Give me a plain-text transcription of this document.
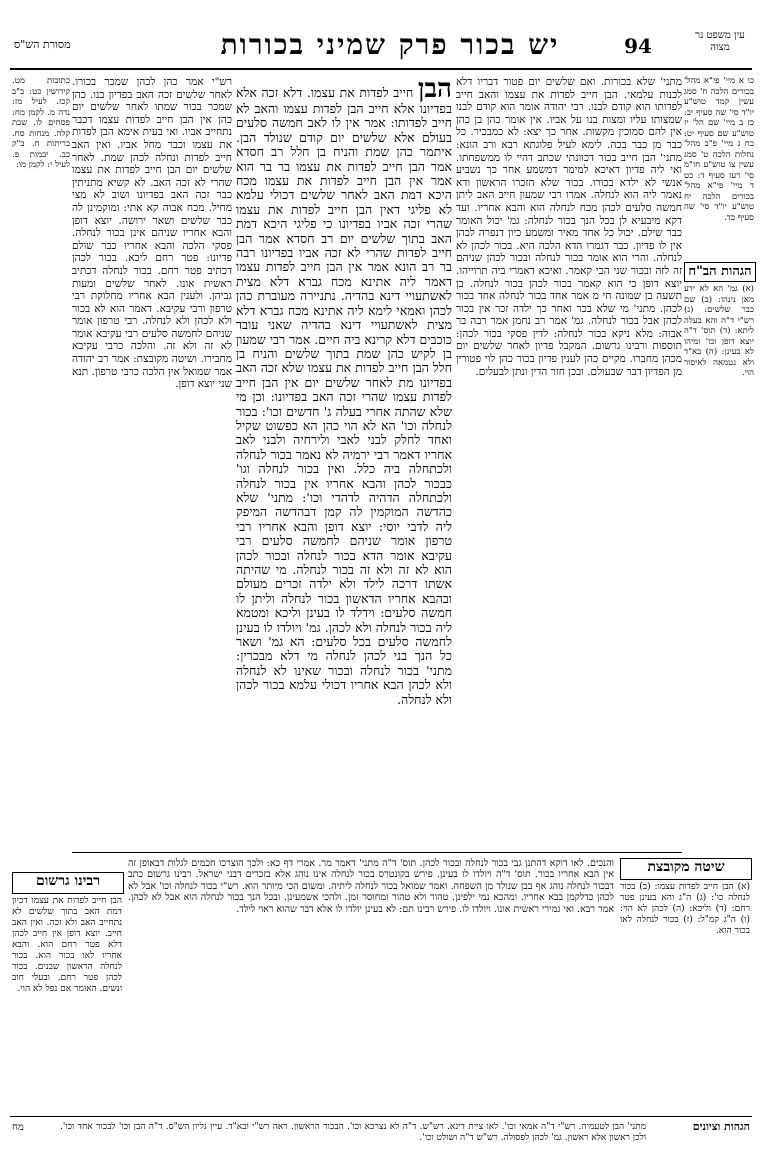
94
יש בכור פרק שמיני בכורות
מסורת הש"ס
עין משפט נר מצוה
כו א מיי' פי"א מהל' בכורים הלכה ח' סמג עשין קמד טוש"ע יו"ד סי' שה סעיף יב: כז ב מיי' שם הל' יז טוש"ע שם סעיף יט: כח ג מיי' פ"ב מהל' נחלות הלכה ט' סמג עשין צו טוש"ע חו"מ סי' רעז סעיף ד: כט ד מיי' פי"א מהל' בכורים הלכה יח טוש"ע יו"ד סי' שה סעיף כד.
הגהות הב"ח
(א) גמ' הא לא ידע מאן נינהו: (ב) שם כבר שלשים: (ג) רש"י ד"ה והא בעלה ליתא: (ד) תוס' ד"ה יוצא דופן וכו' ומיהו לא בעינן: (ה) בא"ד ולא נטמאה לאיסור הוי.
כתובות מט. קידושין כט: ב"ב קכז. לעיל מז: נדה מ. לקמן מח: פסחים לו. שבת קלה. מנחות סח. כריתות ח. ב"ק כב. יבמות פ. לעיל י: לקמן מו:
מתני' שלא בכורות. ואם שלשים יום פטור דבריו דלא לכנות עלמאי. הבן חייב לפדות את עצמו והאב חייב לפדותו הוא קודם לבנו. רבי יהודה אומר הוא קודם לבנו שמצותו עליו ומצות בנו על אביו. אין אומר כהן בן כהן אין להם סמוכין מקשות. אחר כך יצא: לא כמבכיר. כל כבר מן כבר בכה. לימא לעיל פלוגתא רבא ורב הונא: מתני' הבן חייב בכור דכוונתי שכתב דהיי לו ממשפחתו. ואי ליה פדיון דאיכא למימר דמשמע אחר כך נשביע אנשי לא ילדא בכורו. בכור שלא הזכרו הראשון ודא נאמר ליה הוא לנחלה. אמרו רבי שמעון חייב האב ליתן חמשה סלעים לכהן מכח לנחלה הוא והבא אחריו. ועד דקא מיבעיא לן בכל הנך בכור לנחלה: גמ' יכול האומר כבר שילם. יכול כל אחד מאיר ומשמע כיון דנפרה לכהן אין לו פדיון. כבר דגמרו הדא הלכה היא. בכור לכהן לא לנחלה. והרי הוא אומר בכור לנחלה ובכור לכהן שניהם זה לזה ובכור שני הכי קאמר. ואיכא דאמרי ביה תרוייהו. יוצא דופן כי הוא קאמר בכור לכהן בכור לנחלה. בן תשעה בן שמונה חי מ אמר אחד בכור לנחלה אחד בכור לכהן. מתני' מי שלא בכר ואחר כך ילדה זכר אין בכור לכהן אבל בכור לנחלה. גמ' אמר רב נחמן אמר רבה בר אבוה: מלא ניקא בכור לנחלה: לדין פסקי בכור לכהן: תוספות ורבינו גרשום. המקבל פדיון לאחר שלשים יום מכהן מחברו. מקיים כהן לענין פדיון בכור כהן לוי פטורין מן הפדיון דבר שבעולם. ובכן חזר הדין ונתן לבעלים.

הבן חייב לפדות את עצמו. דלא זכה אלא בפדיונו אלא חייב הבן לפדות עצמו והאב לא חייב לפדותו: אמר אין לו לאב חמשה סלעים בעולם אלא שלשים יום קודם שנולד הבן. איתמר כהן שמת והניח בן חלל רב חסדא אמר הבן חייב לפדות את עצמו בר בר הוא אמר אין הבן חייב לפדות את עצמו מכח היכא דמת האב לאחר שלשים דכולי עלמא לא פליגי דאין הבן חייב לפדות את עצמו שהרי זכה אביו בפדיונו כי פליגי היכא דמת האב בתוך שלשים יום רב חסדא אמר הבן חייב לפדות שהרי לא זכה אביו בפדיונו רבה בר רב הונא אמר אין הבן חייב לפדות עצמו דאמר ליה אתינא מכח גברא דלא מצית לאשתעויי דינא בהדיה. נתניירה מעוברת כהן לכהן ואמאי לימא ליה אתינא מכח גברא דלא מצית לאשתעויי דינא בהדיה שאני עובד כוכבים דלא קרינא ביה חיים. אמר רבי שמעון בן לקיש כהן שמת בתוך שלשים והניח בן חלל הבן חייב לפדות את עצמו שלא זכה האב בפדיונו מת לאחר שלשים יום אין הבן חייב לפדות עצמו שהרי זכה האב בפדיונו: וכן מי שלא שהתה אחרי בעלה ג' חדשים וכו': בכור לנחלה וכו' הא לא הוי כהן הא כפשוט שקיל ואחד לחלק לבני לאבי ולירחיה ולבני לאב אחריו דאמר רבי ירמיה לא נאמר בכור לנחלה ולכתחלה ביה כלל. ואין בכור לנחלה וגו' כבכור לכהן והבא אחריו אין בכור לנחלה ולכתחלה הדהיה לדהדי וכו': מתני' שלא כהדשה המוקמין לה קמן דבהדשה המיפק ליה לדבי יוסי: יוצא דופן והבא אחריו רבי טרפון אומר שניהם לחמשה סלעים רבי עקיבא אומר הדא בכור לנחלה ובכור לכהן הוא לא זה ולא זה בכור לנחלה. מי שהיתה אשתו דרכה לילד ולא ילדה זכרים מעולם ובהבא אחריו הדאשון בכור לנחלה וליתן לו חמשה סלעים: וידלד לו בעינן וליכא ומטמא ליה בכור לנחלה ולא לכהן. גמ' ויולדו לו בעינן לחמשה סלעים בכל סלעים: הא גמ' ושאר כל הנך בני לכהן לנחלה מי דלא מבכרין: מתני' בכור לנחלה ובכור שאינו לא לנחלה ולא לכהן הבא אחריו דכולי עלמא בכור לכהן ולא לנחלה.

רש"י אמר כהן לכהן שמכר בכורו. לאחר שלשים זכה האב בפדיון בנו. כהן שמכר בכור שמתו לאחר שלשים יום כהן אין הבן חייב לפדות עצמו דכבר נתחייב אביו. ואי בעית אימא הבן לפדות את עצמו וכבר מחל אביו. ואין האב חייב לפדות ונחלה לכהן שמת. לאחר שלשים יום הבן חייב לפדות את עצמו שהרי לא זכה האב. לא קשיא מתניתין כבר זכה האב בפדיונו ושוב לא מצי מחיל. מכח אבוה קא אתי: ומוקמינן לה כבר שלשים ושאר ירושה. יוצא דופן והבא אחריו שניהם אינן בכור לנחלה. פסקי הלכה והבא אחריו כבר שולם פדיונו: פטר רחם ליכא. בכור לכהן דכתיב פטר רחם. בכור לנחלה דכתיב ראשית אונו. לאחר שלשים ומעות גביהן. ולענין הבא אחריו מחלוקת רבי טרפון ורבי עקיבא. דאמר הוא לא בכור ולא לכהן ולא לנחלה. רבי טרפון אומר שניהם לחמשה סלעים רבי עקיבא אומר לא זה ולא זה. והלכה כרבי עקיבא מחבירו. ושיטה מקובצת: אמר רב יהודה אמר שמואל אין הלכה כרבי טרפון. תנא שני יוצא דופן.
שיטה מקובצת
(א) הבן חייב לפדות עצמו: (ב) בכור לנחלה כו': (ג) ה"ג והא בעינן פטר רחם: (ד) וליכא: (ה) לכהן לא הוי: (ו) ה"ג קמ"ל: (ז) בכור לנחלה לאו בכור הוא.
רבינו גרשום
הבן חייב לפדות את עצמו דכיון דמת האב בתוך שלשים לא נתחייב האב ולא זכה. ואין האב חייב. יוצא דופן אין חייב לכהן דלא פטר רחם הוא. והבא אחריו לאו בכור הוא. בכור לנחלה הראשון שבנים. בכור לכהן פטר רחם. ובעלי חוב ונשים. האומר אם נפל לא הוי.
והנכים. לאו דוקא דהתנן גבי בכור לנחלה ובכור לכהן. תוס' ד"ה מתני' דאמר מר. אמרי דף כא: ולכך הוצרכו חכמים לגלות דבאופן זה אין הבא אחריו בכור. תוס' ד"ה ויולדו לו בעינן. פירש בקונטרס בכור לנחלה אינו נוהג אלא בזכרים דבני ישראל. רבינו גרשום כתב דבכור לנחלה נוהג אף בבן שנולד מן השפחה. ואמר שמואל בכור לנחלה ליתיה. ומשום הכי מיותר הוא. רש"י בכור לנחלה וכו' אבל לא לכהן כדלקמן בבא אחריו. ומהכא נמי ילפינן. טהור ולא טהור ומחוסר זמן. ולהכי אשמעינן. ובכל הנך בכור לנחלה הוא אבל לא לכהן. אמר רבא. ואי גמירי ראשית אונו. ויולדו לו. פירש רבינו תם: לא בעינן יולדו לו אלא דבר שהוא ראוי לילד.
הגהות וציונים
מתני' הבן לטעמיה. רש"י ד"ה אמאי וכו'. לאו ציית דינא. רש"ש. ד"ה לא נצרכא וכו'. הבכור הראשון. ראה רש"י ובא"ד. עיין גליון הש"ס. ד"ה הבן וכו' לבכור אחד וכו'. ולכן ראשון אלא ראשון. גמ' לכהן לפסולה. רש"ש ד"ה ושולט וכו'.
מח
